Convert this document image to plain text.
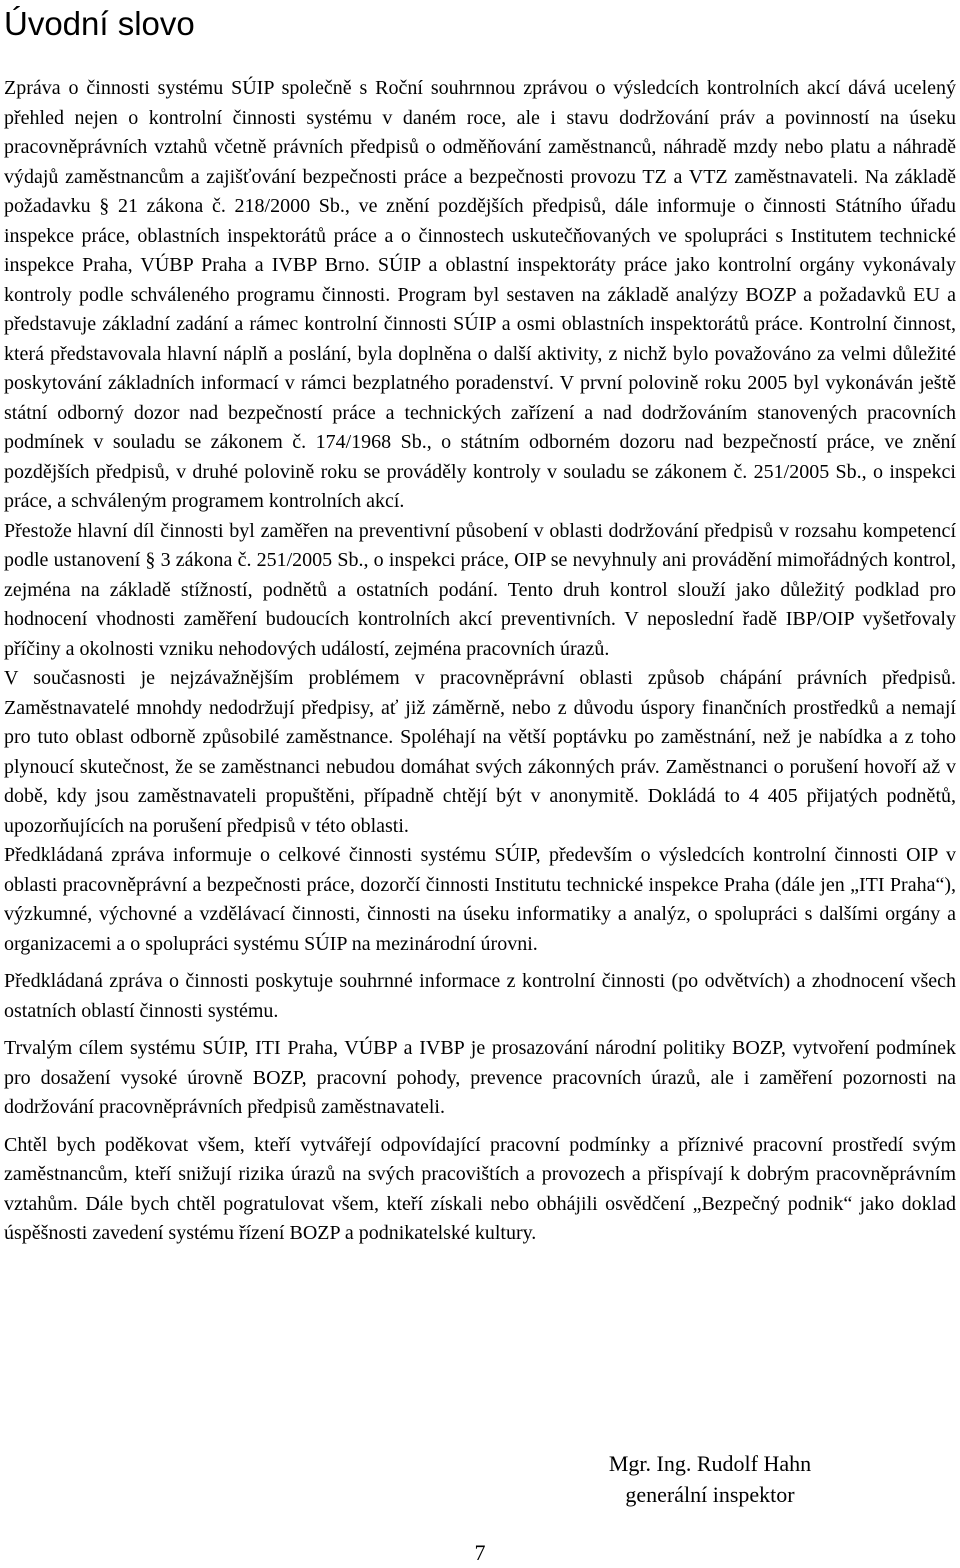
Úvodní slovo

Zpráva o činnosti systému SÚIP společně s Roční souhrnnou zprávou o výsledcích kontrolních akcí dává ucelený přehled nejen o kontrolní činnosti systému v daném roce, ale i stavu dodržování práv a povinností na úseku pracovněprávních vztahů včetně právních předpisů o odměňování zaměstnanců, náhradě mzdy nebo platu a náhradě výdajů zaměstnancům a zajišťování bezpečnosti práce a bezpečnosti provozu TZ a VTZ zaměstnavateli. Na základě požadavku § 21 zákona č. 218/2000 Sb., ve znění pozdějších předpisů, dále informuje o činnosti Státního úřadu inspekce práce, oblastních inspektorátů práce a o činnostech uskutečňovaných ve spolupráci s Institutem technické inspekce Praha, VÚBP Praha a IVBP Brno. SÚIP a oblastní inspektoráty práce jako kontrolní orgány vykonávaly kontroly podle schváleného programu činnosti. Program byl sestaven na základě analýzy BOZP a požadavků EU a představuje základní zadání a rámec kontrolní činnosti SÚIP a osmi oblastních inspektorátů práce. Kontrolní činnost, která představovala hlavní náplň a poslání, byla doplněna o další aktivity, z nichž bylo považováno za velmi důležité poskytování základních informací v rámci bezplatného poradenství. V první polovině roku 2005 byl vykonáván ještě státní odborný dozor nad bezpečností práce a technických zařízení a nad dodržováním stanovených pracovních podmínek v souladu se zákonem č. 174/1968 Sb., o státním odborném dozoru nad bezpečností práce, ve znění pozdějších předpisů, v druhé polovině roku se prováděly kontroly v souladu se zákonem č. 251/2005 Sb., o inspekci práce, a schváleným programem kontrolních akcí.

Přestože hlavní díl činnosti byl zaměřen na preventivní působení v oblasti dodržování předpisů v rozsahu kompetencí podle ustanovení § 3 zákona č. 251/2005 Sb., o inspekci práce, OIP se nevyhnuly ani provádění mimořádných kontrol, zejména na základě stížností, podnětů a ostatních podání. Tento druh kontrol slouží jako důležitý podklad pro hodnocení vhodnosti zaměření budoucích kontrolních akcí preventivních. V neposlední řadě IBP/OIP vyšetřovaly příčiny a okolnosti vzniku nehodových událostí, zejména pracovních úrazů.

V současnosti je nejzávažnějším problémem v pracovněprávní oblasti způsob chápání právních předpisů. Zaměstnavatelé mnohdy nedodržují předpisy, ať již záměrně, nebo z důvodu úspory finančních prostředků a nemají pro tuto oblast odborně způsobilé zaměstnance. Spoléhají na větší poptávku po zaměstnání, než je nabídka a z toho plynoucí skutečnost, že se zaměstnanci nebudou domáhat svých zákonných práv. Zaměstnanci o porušení hovoří až v době, kdy jsou zaměstnavateli propuštěni, případně chtějí být v anonymitě. Dokládá to 4 405 přijatých podnětů, upozorňujících na porušení předpisů v této oblasti.

Předkládaná zpráva informuje o celkové činnosti systému SÚIP, především o výsledcích kontrolní činnosti OIP v oblasti pracovněprávní a bezpečnosti práce, dozorčí činnosti Institutu technické inspekce Praha (dále jen „ITI Praha“), výzkumné, výchovné a vzdělávací činnosti, činnosti na úseku informatiky a analýz, o spolupráci s dalšími orgány a organizacemi a o spolupráci systému SÚIP na mezinárodní úrovni.

Předkládaná zpráva o činnosti poskytuje souhrnné informace z kontrolní činnosti (po odvětvích) a zhodnocení všech ostatních oblastí činnosti systému.

Trvalým cílem systému SÚIP, ITI Praha, VÚBP a IVBP je prosazování národní politiky BOZP, vytvoření podmínek pro dosažení vysoké úrovně BOZP, pracovní pohody, prevence pracovních úrazů, ale i zaměření pozornosti na dodržování pracovněprávních předpisů zaměstnavateli.

Chtěl bych poděkovat všem, kteří vytvářejí odpovídající pracovní podmínky a příznivé pracovní prostředí svým zaměstnancům, kteří snižují rizika úrazů na svých pracovištích a provozech a přispívají k dobrým pracovněprávním vztahům. Dále bych chtěl pogratulovat všem, kteří získali nebo obhájili osvědčení „Bezpečný podnik“ jako doklad úspěšnosti zavedení systému řízení BOZP a podnikatelské kultury.

Mgr. Ing. Rudolf Hahn
generální inspektor
7
